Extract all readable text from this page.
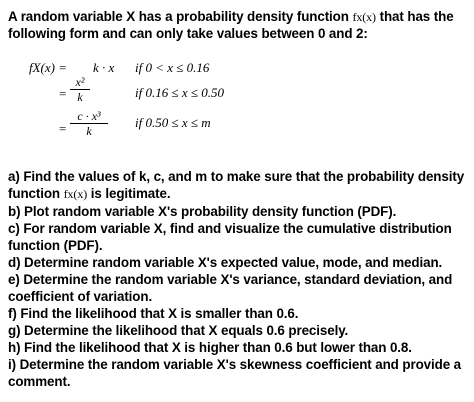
A random variable X has a probability density function fx(x) that has the following form and can only take values between 0 and 2:
fX(x) = k · x if 0 < x ≤ 0.16
=
x²
k	if 0.16 ≤ x ≤ 0.50
=
c · x³
k
if 0.50 ≤ x ≤ m
a) Find the values of k, c, and m to make sure that the probability density function fx(x) is legitimate.
b) Plot random variable X's probability density function (PDF).
c) For random variable X, find and visualize the cumulative distribution function (PDF).
d) Determine random variable X's expected value, mode, and median.
e) Determine the random variable X's variance, standard deviation, and coefficient of variation.
f) Find the likelihood that X is smaller than 0.6.
g) Determine the likelihood that X equals 0.6 precisely.
h) Find the likelihood that X is higher than 0.6 but lower than 0.8.
i) Determine the random variable X's skewness coefficient and provide a comment.
